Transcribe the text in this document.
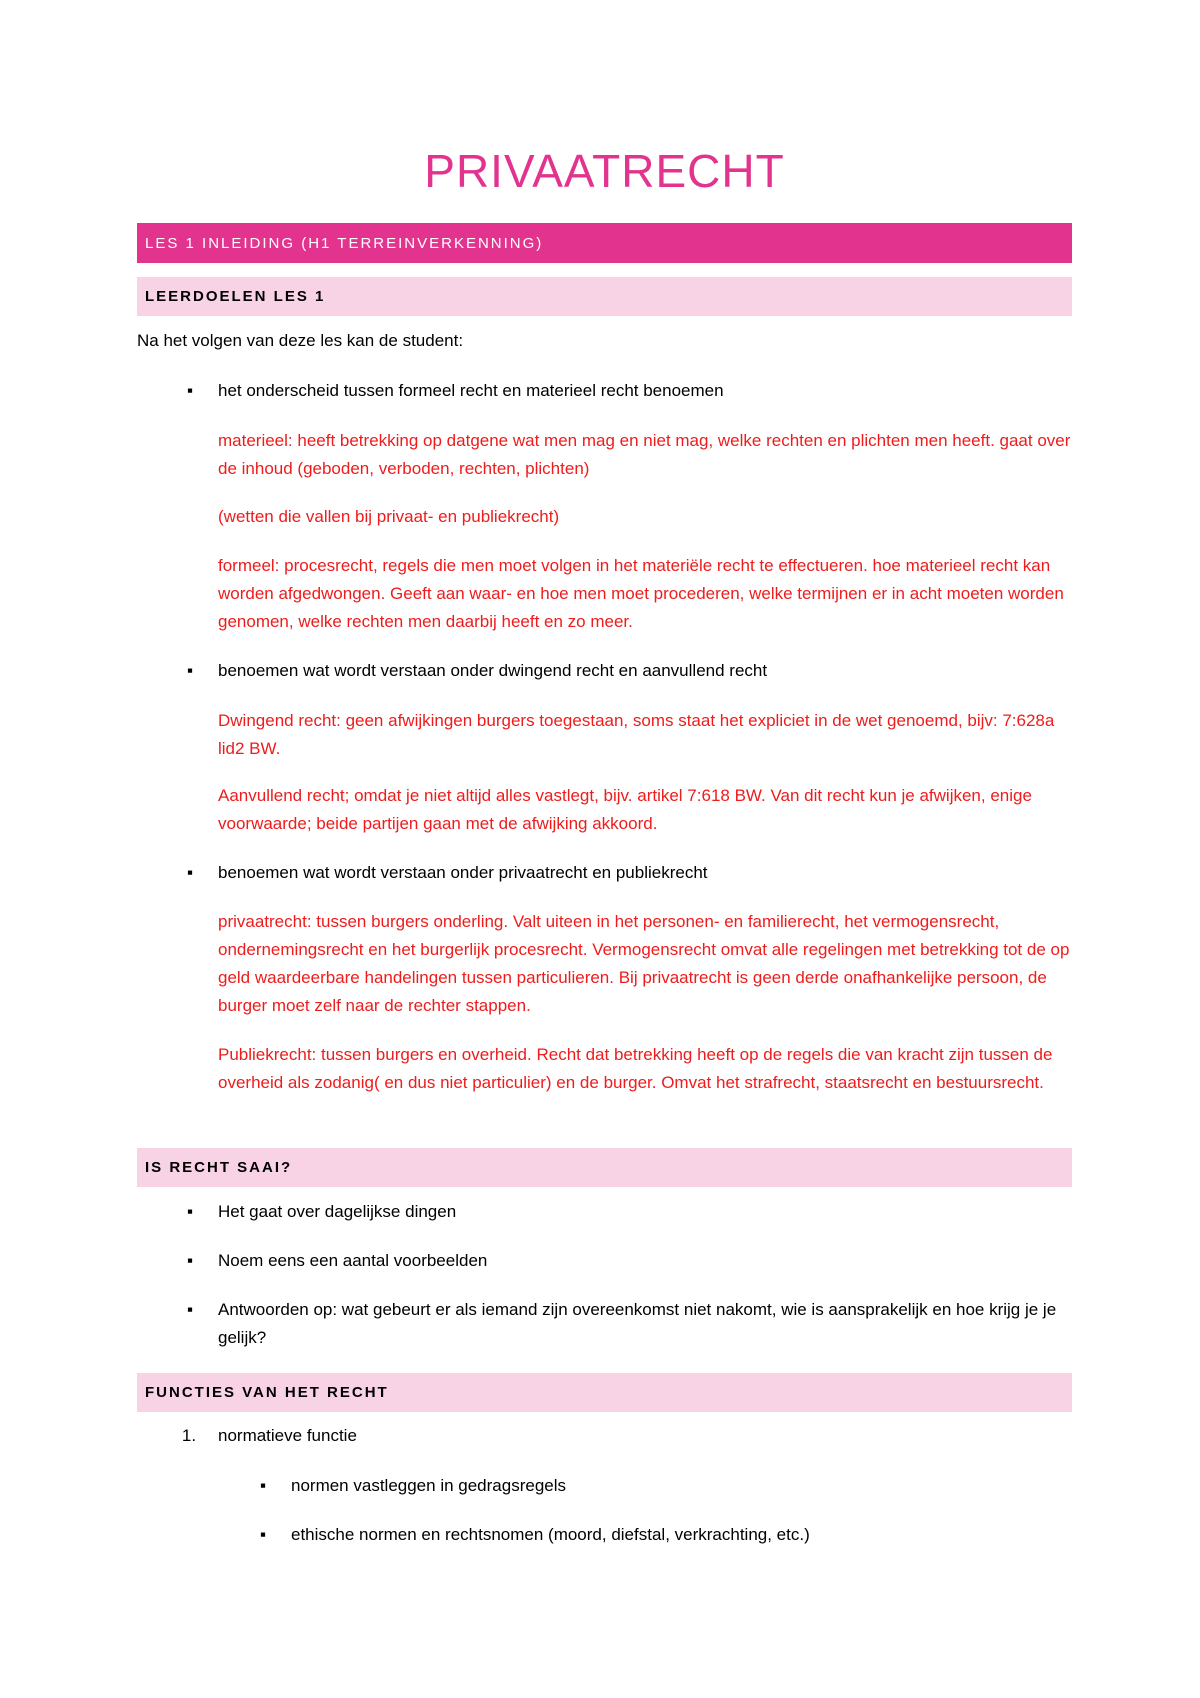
PRIVAATRECHT
LES 1 INLEIDING (H1 TERREINVERKENNING)
LEERDOELEN LES 1
Na het volgen van deze les kan de student:
▪ het onderscheid tussen formeel recht en materieel recht benoemen
materieel: heeft betrekking op datgene wat men mag en niet mag, welke rechten en plichten men heeft. gaat over de inhoud (geboden, verboden, rechten, plichten)
(wetten die vallen bij privaat- en publiekrecht)
formeel: procesrecht, regels die men moet volgen in het materiële recht te effectueren. hoe materieel recht kan worden afgedwongen. Geeft aan waar- en hoe men moet procederen, welke termijnen er in acht moeten worden genomen, welke rechten men daarbij heeft en zo meer.
▪ benoemen wat wordt verstaan onder dwingend recht en aanvullend recht
Dwingend recht: geen afwijkingen burgers toegestaan, soms staat het expliciet in de wet genoemd, bijv: 7:628a lid2 BW.
Aanvullend recht; omdat je niet altijd alles vastlegt, bijv. artikel 7:618 BW. Van dit recht kun je afwijken, enige voorwaarde; beide partijen gaan met de afwijking akkoord.
▪ benoemen wat wordt verstaan onder privaatrecht en publiekrecht
privaatrecht: tussen burgers onderling. Valt uiteen in het personen- en familierecht, het vermogensrecht, ondernemingsrecht en het burgerlijk procesrecht. Vermogensrecht omvat alle regelingen met betrekking tot de op geld waardeerbare handelingen tussen particulieren. Bij privaatrecht is geen derde onafhankelijke persoon, de burger moet zelf naar de rechter stappen.
Publiekrecht: tussen burgers en overheid. Recht dat betrekking heeft op de regels die van kracht zijn tussen de overheid als zodanig( en dus niet particulier) en de burger. Omvat het strafrecht, staatsrecht en bestuursrecht.
IS RECHT SAAI?
▪ Het gaat over dagelijkse dingen
▪ Noem eens een aantal voorbeelden
▪ Antwoorden op: wat gebeurt er als iemand zijn overeenkomst niet nakomt, wie is aansprakelijk en hoe krijg je je gelijk?
FUNCTIES VAN HET RECHT
1.	normatieve functie
▪ normen vastleggen in gedragsregels
▪ ethische normen en rechtsnomen (moord, diefstal, verkrachting, etc.)
